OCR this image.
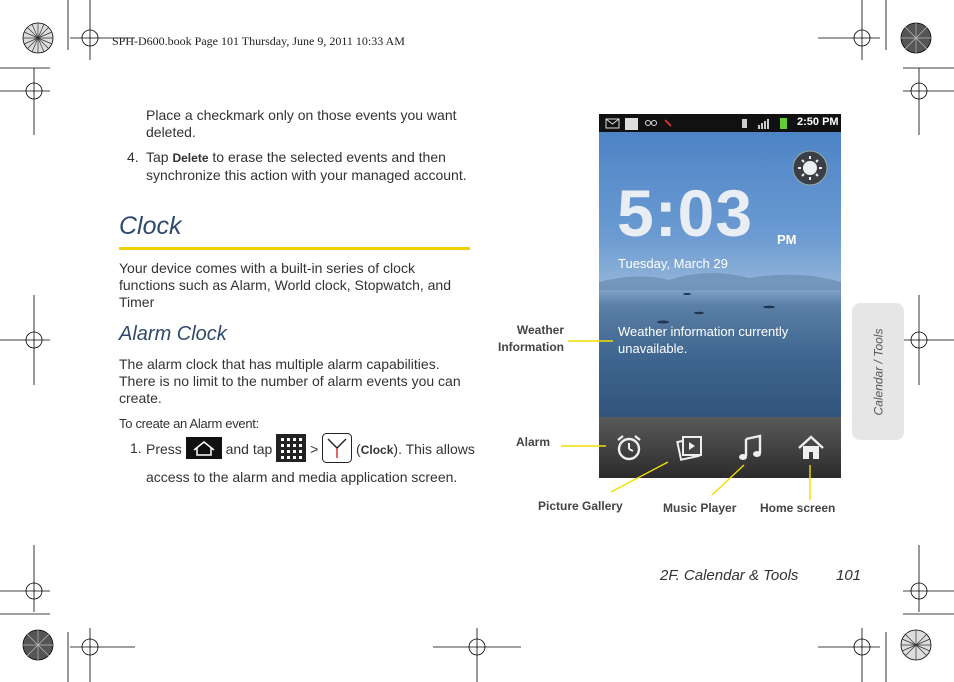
SPH-D600.book Page 101 Thursday, June 9, 2011 10:33 AM
Place a checkmark only on those events you want deleted.
4. Tap Delete to erase the selected events and then synchronize this action with your managed account.
Clock
Your device comes with a built-in series of clock functions such as Alarm, World clock, Stopwatch, and Timer
Alarm Clock
The alarm clock that has multiple alarm capabilities. There is no limit to the number of alarm events you can create.
To create an Alarm event:
1. Press	and tap  >  (Clock). This allows access to the alarm and media application screen.
2:50 PM
5:03 PM
Tuesday, March 29
Weather information currently unavailable.
Weather Information
Alarm
Picture Gallery	Music Player	Home screen
Calendar / Tools
2F. Calendar & Tools	101
